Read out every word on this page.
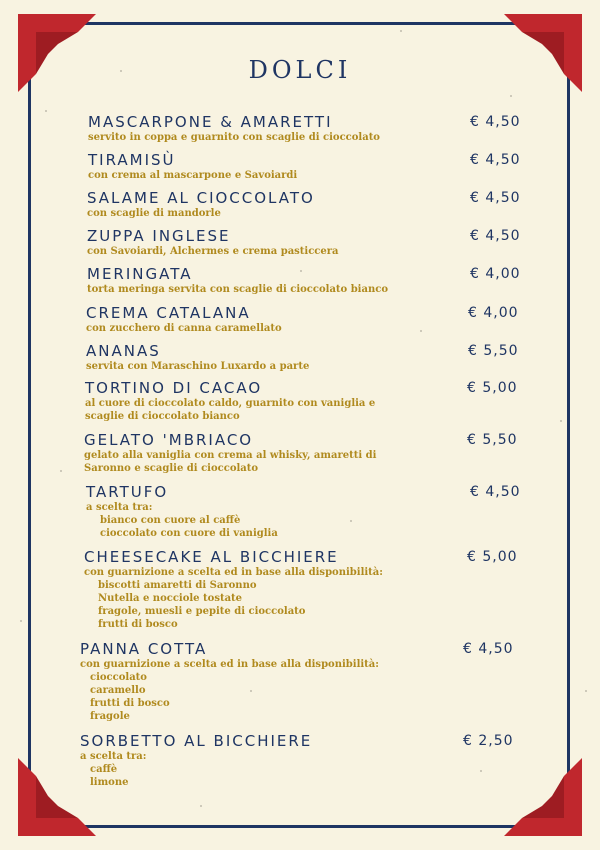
DOLCI
MASCARPONE & AMARETTI
servito in coppa e guarnito con scaglie di cioccolato
€ 4,50
TIRAMISÙ
con crema al mascarpone e Savoiardi
€ 4,50
SALAME AL CIOCCOLATO
con scaglie di mandorle
€ 4,50
ZUPPA INGLESE
con Savoiardi, Alchermes e crema pasticcera
€ 4,50
MERINGATA
torta meringa servita con scaglie di cioccolato bianco
€ 4,00
CREMA CATALANA
con zucchero di canna caramellato
€ 4,00
ANANAS
servita con Maraschino Luxardo a parte
€ 5,50
TORTINO DI CACAO
al cuore di cioccolato caldo, guarnito con vaniglia e
scaglie di cioccolato bianco
€ 5,00
GELATO 'MBRIACO
gelato alla vaniglia con crema al whisky, amaretti di
Saronno e scaglie di cioccolato
€ 5,50
TARTUFO
a scelta tra:
bianco con cuore al caffè
cioccolato con cuore di vaniglia
€ 4,50
CHEESECAKE AL BICCHIERE
con guarnizione a scelta ed in base alla disponibilità:
biscotti amaretti di Saronno
Nutella e nocciole tostate
fragole, muesli e pepite di cioccolato
frutti di bosco
€ 5,00
PANNA COTTA
con guarnizione a scelta ed in base alla disponibilità:
cioccolato
caramello
frutti di bosco
fragole
€ 4,50
SORBETTO AL BICCHIERE
a scelta tra:
caffè
limone
€ 2,50
